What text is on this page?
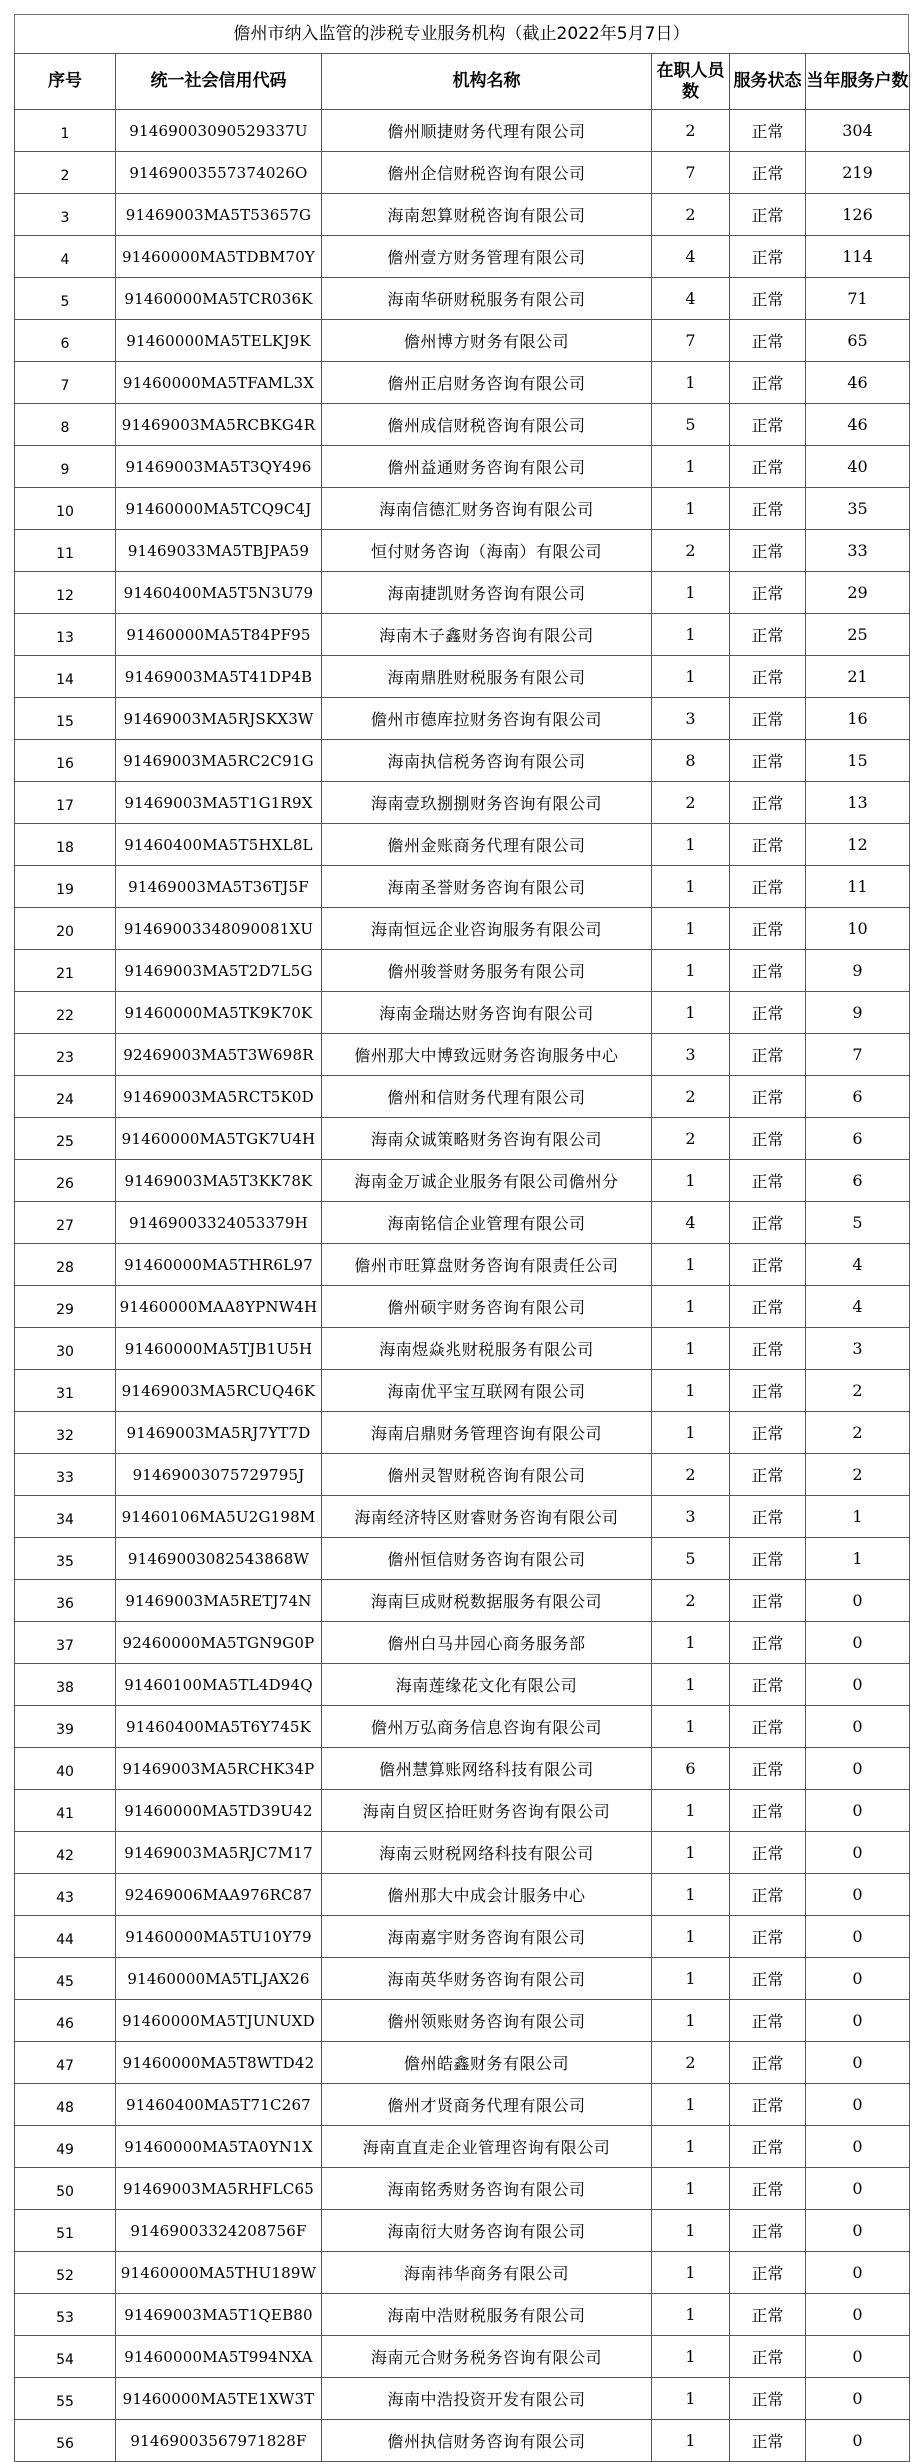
儋州市纳入监管的涉税专业服务机构（截止2022年5月7日）
序号	统一社会信用代码	机构名称	在职人员数	服务状态	当年服务户数
1	91469003090529337U	儋州顺捷财务代理有限公司	2	正常	304
2	91469003557374026O	儋州企信财税咨询有限公司	7	正常	219
3	91469003MA5T53657G	海南恕算财税咨询有限公司	2	正常	126
4	91460000MA5TDBM70Y	儋州壹方财务管理有限公司	4	正常	114
5	91460000MA5TCR036K	海南华研财税服务有限公司	4	正常	71
6	91460000MA5TELKJ9K	儋州博方财务有限公司	7	正常	65
7	91460000MA5TFAML3X	儋州正启财务咨询有限公司	1	正常	46
8	91469003MA5RCBKG4R	儋州成信财税咨询有限公司	5	正常	46
9	91469003MA5T3QY496	儋州益通财务咨询有限公司	1	正常	40
10	91460000MA5TCQ9C4J	海南信德汇财务咨询有限公司	1	正常	35
11	91469033MA5TBJPA59	恒付财务咨询（海南）有限公司	2	正常	33
12	91460400MA5T5N3U79	海南捷凯财务咨询有限公司	1	正常	29
13	91460000MA5T84PF95	海南木子鑫财务咨询有限公司	1	正常	25
14	91469003MA5T41DP4B	海南鼎胜财税服务有限公司	1	正常	21
15	91469003MA5RJSKX3W	儋州市德库拉财务咨询有限公司	3	正常	16
16	91469003MA5RC2C91G	海南执信税务咨询有限公司	8	正常	15
17	91469003MA5T1G1R9X	海南壹玖捌捌财务咨询有限公司	2	正常	13
18	91460400MA5T5HXL8L	儋州金账商务代理有限公司	1	正常	12
19	91469003MA5T36TJ5F	海南圣誉财务咨询有限公司	1	正常	11
20	91469003348090081XU	海南恒远企业咨询服务有限公司	1	正常	10
21	91469003MA5T2D7L5G	儋州骏誉财务服务有限公司	1	正常	9
22	91460000MA5TK9K70K	海南金瑞达财务咨询有限公司	1	正常	9
23	92469003MA5T3W698R	儋州那大中博致远财务咨询服务中心	3	正常	7
24	91469003MA5RCT5K0D	儋州和信财务代理有限公司	2	正常	6
25	91460000MA5TGK7U4H	海南众诚策略财务咨询有限公司	2	正常	6
26	91469003MA5T3KK78K	海南金万诚企业服务有限公司儋州分	1	正常	6
27	91469003324053379H	海南铭信企业管理有限公司	4	正常	5
28	91460000MA5THR6L97	儋州市旺算盘财务咨询有限责任公司	1	正常	4
29	91460000MAA8YPNW4H	儋州硕宇财务咨询有限公司	1	正常	4
30	91460000MA5TJB1U5H	海南煜焱兆财税服务有限公司	1	正常	3
31	91469003MA5RCUQ46K	海南优平宝互联网有限公司	1	正常	2
32	91469003MA5RJ7YT7D	海南启鼎财务管理咨询有限公司	1	正常	2
33	91469003075729795J	儋州灵智财税咨询有限公司	2	正常	2
34	91460106MA5U2G198M	海南经济特区财睿财务咨询有限公司	3	正常	1
35	91469003082543868W	儋州恒信财务咨询有限公司	5	正常	1
36	91469003MA5RETJ74N	海南巨成财税数据服务有限公司	2	正常	0
37	92460000MA5TGN9G0P	儋州白马井园心商务服务部	1	正常	0
38	91460100MA5TL4D94Q	海南莲缘花文化有限公司	1	正常	0
39	91460400MA5T6Y745K	儋州万弘商务信息咨询有限公司	1	正常	0
40	91469003MA5RCHK34P	儋州慧算账网络科技有限公司	6	正常	0
41	91460000MA5TD39U42	海南自贸区拾旺财务咨询有限公司	1	正常	0
42	91469003MA5RJC7M17	海南云财税网络科技有限公司	1	正常	0
43	92469006MAA976RC87	儋州那大中成会计服务中心	1	正常	0
44	91460000MA5TU10Y79	海南嘉宇财务咨询有限公司	1	正常	0
45	91460000MA5TLJAX26	海南英华财务咨询有限公司	1	正常	0
46	91460000MA5TJUNUXD	儋州领账财务咨询有限公司	1	正常	0
47	91460000MA5T8WTD42	儋州皓鑫财务有限公司	2	正常	0
48	91460400MA5T71C267	儋州才贤商务代理有限公司	1	正常	0
49	91460000MA5TA0YN1X	海南直直走企业管理咨询有限公司	1	正常	0
50	91469003MA5RHFLC65	海南铭秀财务咨询有限公司	1	正常	0
51	91469003324208756F	海南衍大财务咨询有限公司	1	正常	0
52	91460000MA5THU189W	海南祎华商务有限公司	1	正常	0
53	91469003MA5T1QEB80	海南中浩财税服务有限公司	1	正常	0
54	91460000MA5T994NXA	海南元合财务税务咨询有限公司	1	正常	0
55	91460000MA5TE1XW3T	海南中浩投资开发有限公司	1	正常	0
56	91469003567971828F	儋州执信财务咨询有限公司	1	正常	0
